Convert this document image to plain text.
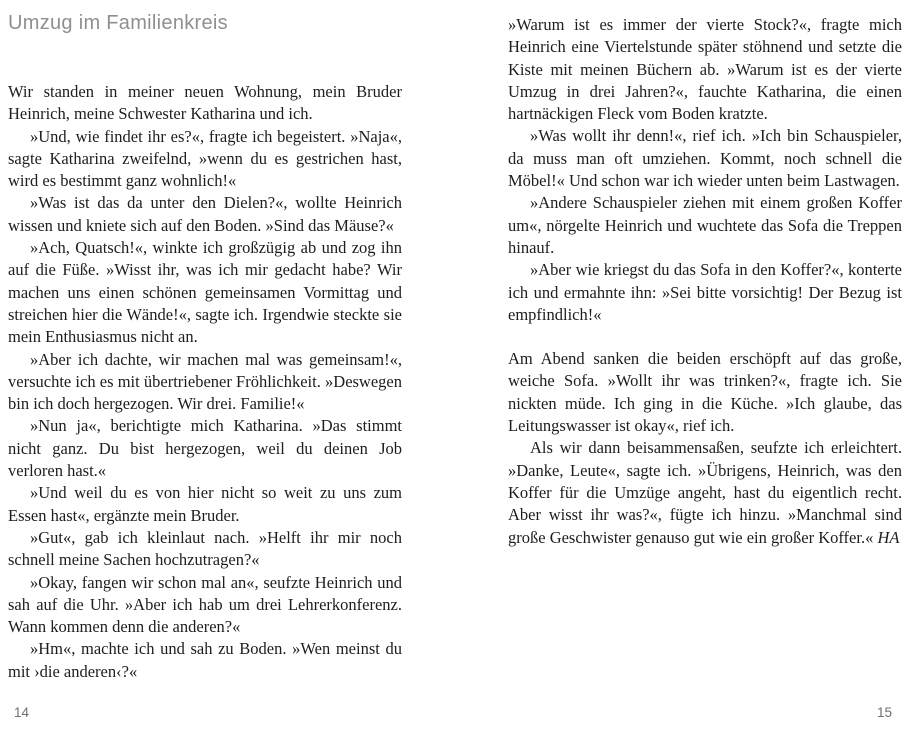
Umzug im Familienkreis

Wir standen in meiner neuen Wohnung, mein Bruder Heinrich, meine Schwester Katharina und ich.

»Und, wie findet ihr es?«, fragte ich begeistert. »Naja«, sagte Katharina zweifelnd, »wenn du es gestrichen hast, wird es bestimmt ganz wohnlich!«

»Was ist das da unter den Dielen?«, wollte Heinrich wissen und kniete sich auf den Boden. »Sind das Mäuse?«

»Ach, Quatsch!«, winkte ich großzügig ab und zog ihn auf die Füße. »Wisst ihr, was ich mir gedacht habe? Wir machen uns einen schönen gemeinsamen Vormittag und streichen hier die Wände!«, sagte ich. Irgendwie steckte sie mein Enthusiasmus nicht an.

»Aber ich dachte, wir machen mal was gemeinsam!«, versuchte ich es mit übertriebener Fröhlichkeit. »Deswegen bin ich doch hergezogen. Wir drei. Familie!«

»Nun ja«, berichtigte mich Katharina. »Das stimmt nicht ganz. Du bist hergezogen, weil du deinen Job verloren hast.«

»Und weil du es von hier nicht so weit zu uns zum Essen hast«, ergänzte mein Bruder.

»Gut«, gab ich kleinlaut nach. »Helft ihr mir noch schnell meine Sachen hochzutragen?«

»Okay, fangen wir schon mal an«, seufzte Heinrich und sah auf die Uhr. »Aber ich hab um drei Lehrerkonferenz. Wann kommen denn die anderen?«

»Hm«, machte ich und sah zu Boden. »Wen meinst du mit ›die anderen‹?«

14

»Warum ist es immer der vierte Stock?«, fragte mich Heinrich eine Viertelstunde später stöhnend und setzte die Kiste mit meinen Büchern ab. »Warum ist es der vierte Umzug in drei Jahren?«, fauchte Katharina, die einen hartnäckigen Fleck vom Boden kratzte.

»Was wollt ihr denn!«, rief ich. »Ich bin Schauspieler, da muss man oft umziehen. Kommt, noch schnell die Möbel!« Und schon war ich wieder unten beim Lastwagen.

»Andere Schauspieler ziehen mit einem großen Koffer um«, nörgelte Heinrich und wuchtete das Sofa die Treppen hinauf.

»Aber wie kriegst du das Sofa in den Koffer?«, konterte ich und ermahnte ihn: »Sei bitte vorsichtig! Der Bezug ist empfindlich!«

Am Abend sanken die beiden erschöpft auf das große, weiche Sofa. »Wollt ihr was trinken?«, fragte ich. Sie nickten müde. Ich ging in die Küche. »Ich glaube, das Leitungswasser ist okay«, rief ich.

Als wir dann beisammensaßen, seufzte ich erleichtert. »Danke, Leute«, sagte ich. »Übrigens, Heinrich, was den Koffer für die Umzüge angeht, hast du eigentlich recht. Aber wisst ihr was?«, fügte ich hinzu. »Manchmal sind große Geschwister genauso gut wie ein großer Koffer.« HA

15
